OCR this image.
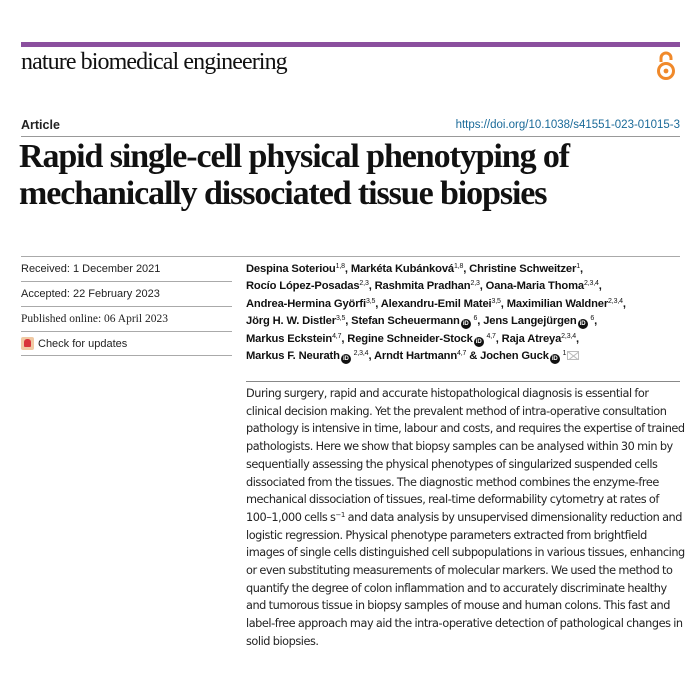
nature biomedical engineering
Article	https://doi.org/10.1038/s41551-023-01015-3
Rapid single-cell physical phenotyping of mechanically dissociated tissue biopsies
Received: 1 December 2021
Accepted: 22 February 2023
Published online: 06 April 2023
Check for updates
Despina Soteriou$^{1,8}$, Markéta Kubánková$^{1,8}$, Christine Schweitzer$^1$,
Rocío López-Posadas$^{2,3}$, Rashmita Pradhan$^{2,3}$, Oana-Maria Thoma$^{2,3,4}$,
Andrea-Hermina Györfi$^{3,5}$, Alexandru-Emil Matei$^{3,5}$, Maximilian Waldner$^{2,3,4}$,
Jörg H. W. Distler$^{3,5}$, Stefan Scheuermann iD $^6$, Jens Langejürgen iD $^6$,
Markus Eckstein$^{4,7}$, Regine Schneider-Stock iD $^{4,7}$, Raja Atreya$^{2,3,4}$,
Markus F. Neurath iD $^{2,3,4}$, Arndt Hartmann$^{4,7}$ & Jochen Guck iD $^1$

During surgery, rapid and accurate histopathological diagnosis is essential for clinical decision making. Yet the prevalent method of intra-operative consultation pathology is intensive in time, labour and costs, and requires the expertise of trained pathologists. Here we show that biopsy samples can be analysed within 30 min by sequentially assessing the physical phenotypes of singularized suspended cells dissociated from the tissues. The diagnostic method combines the enzyme-free mechanical dissociation of tissues, real-time deformability cytometry at rates of 100–1,000 cells $s^{-1}$ and data analysis by unsupervised dimensionality reduction and logistic regression. Physical phenotype parameters extracted from brightfield images of single cells distinguished cell subpopulations in various tissues, enhancing or even substituting measurements of molecular markers. We used the method to quantify the degree of colon inflammation and to accurately discriminate healthy and tumorous tissue in biopsy samples of mouse and human colons. This fast and label-free approach may aid the intra-operative detection of pathological changes in solid biopsies.
